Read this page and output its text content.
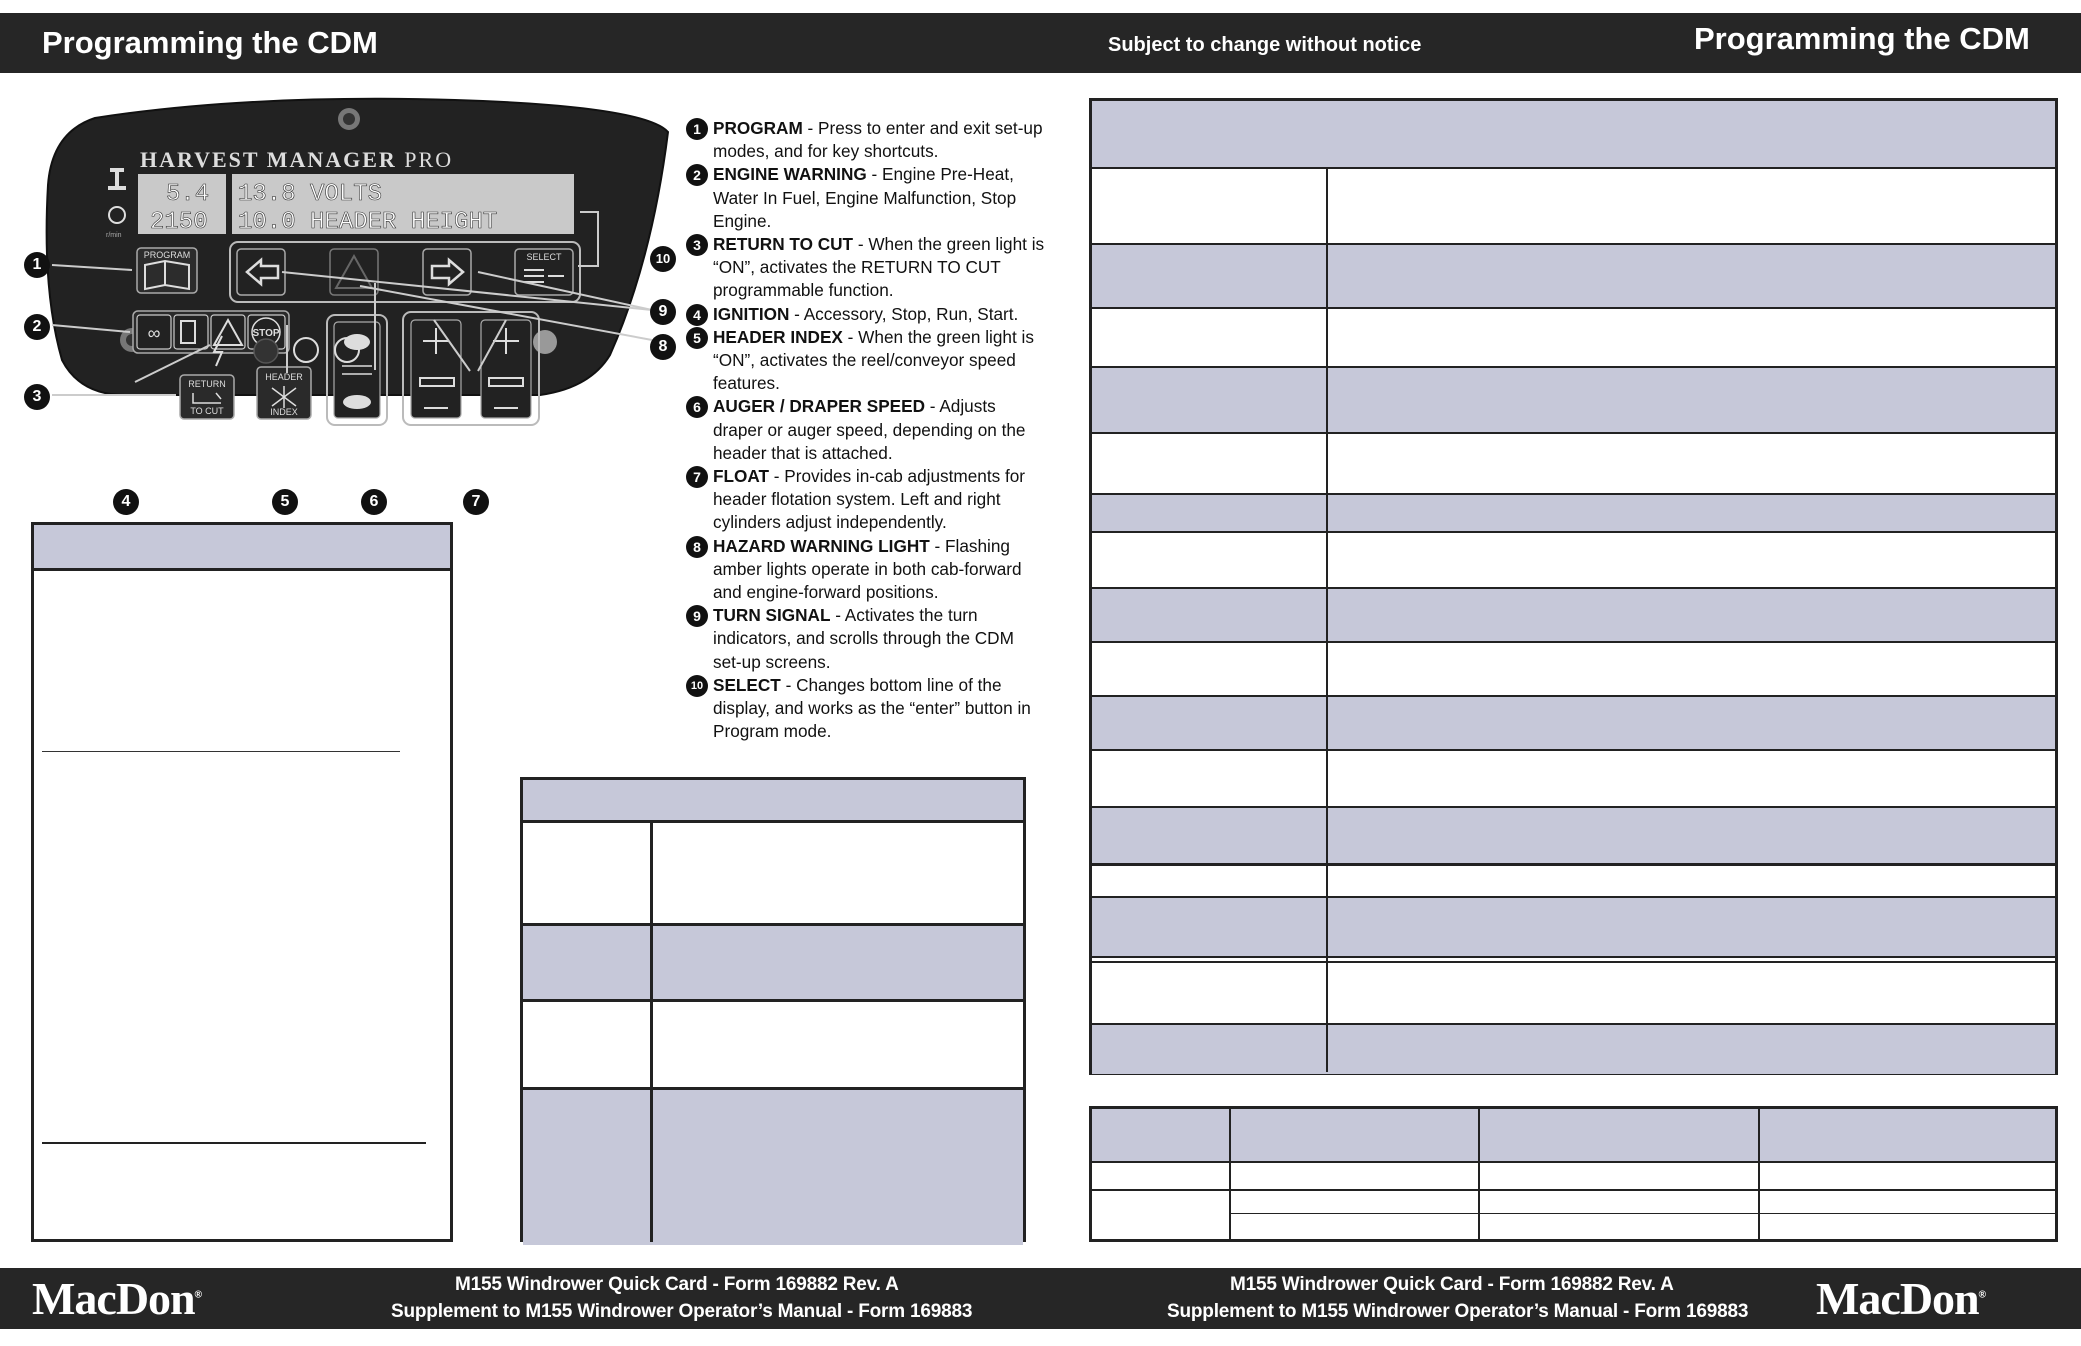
Programming the CDM	Subject to change without notice	Programming the CDM
HARVEST MANAGER PRO
5.4
2150
13.8 VOLTS
10.0 HEADER HEIGHT
r/min
PROGRAM	SELECT
∞	STOP
RETURN
TO CUT
HEADER
INDEX
1
2
3
4	5	6	7
8
9
10
1 PROGRAM - Press to enter and exit set-up modes, and for key shortcuts.
2 ENGINE WARNING - Engine Pre-Heat, Water In Fuel, Engine Malfunction, Stop Engine.
3 RETURN TO CUT - When the green light is “ON”, activates the RETURN TO CUT programmable function.
4 IGNITION - Accessory, Stop, Run, Start.
5 HEADER INDEX - When the green light is “ON”, activates the reel/conveyor speed features.
6 AUGER / DRAPER SPEED - Adjusts draper or auger speed, depending on the header that is attached.
7 FLOAT - Provides in-cab adjustments for header flotation system. Left and right cylinders adjust independently.
8 HAZARD WARNING LIGHT - Flashing amber lights operate in both cab-forward and engine-forward positions.
9 TURN SIGNAL - Activates the turn indicators, and scrolls through the CDM set-up screens.
10 SELECT - Changes bottom line of the display, and works as the “enter” button in Program mode.
MacDon®
M155 Windrower Quick Card - Form 169882 Rev. A
Supplement to M155 Windrower Operator’s Manual - Form 169883
M155 Windrower Quick Card - Form 169882 Rev. A
Supplement to M155 Windrower Operator’s Manual - Form 169883 MacDon®
